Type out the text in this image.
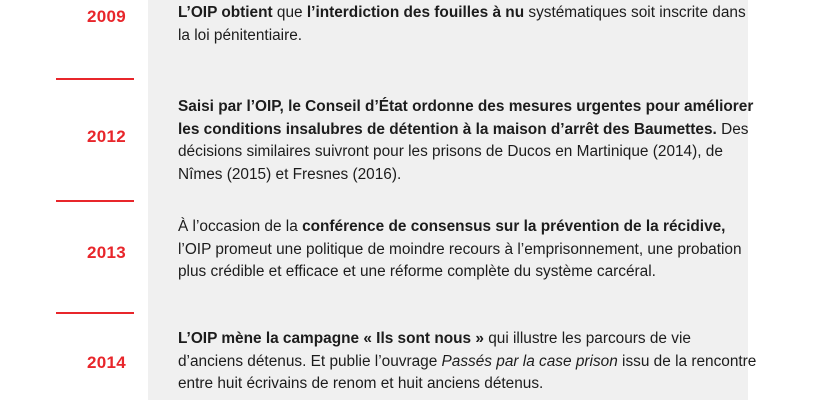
2009	L’OIP obtient que l’interdiction des fouilles à nu systématiques soit inscrite dans la loi pénitentiaire.
2012
Saisi par l’OIP, le Conseil d’État ordonne des mesures urgentes pour améliorer les conditions insalubres de détention à la maison d’arrêt des Baumettes. Des décisions similaires suivront pour les prisons de Ducos en Martinique (2014), de Nîmes (2015) et Fresnes (2016).
2013
À l’occasion de la conférence de consensus sur la prévention de la récidive, l’OIP promeut une politique de moindre recours à l’emprisonnement, une probation plus crédible et efficace et une réforme complète du système carcéral.
2014
L’OIP mène la campagne « Ils sont nous » qui illustre les parcours de vie d’anciens détenus. Et publie l’ouvrage Passés par la case prison issu de la rencontre entre huit écrivains de renom et huit anciens détenus.
